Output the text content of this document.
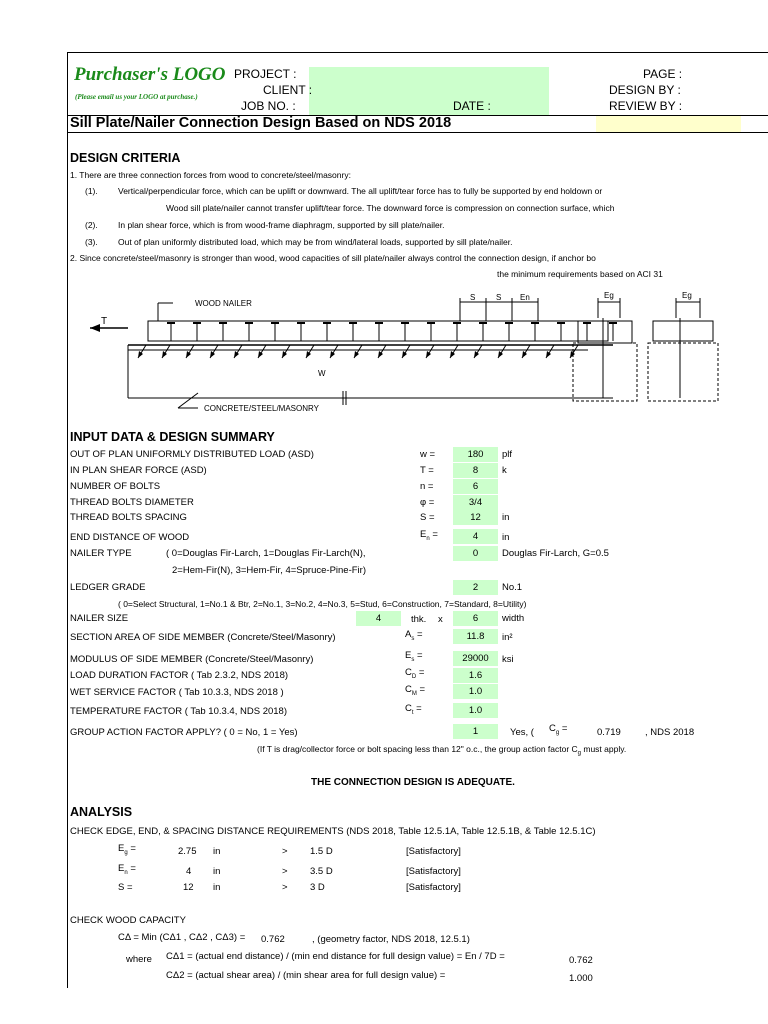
Purchaser's LOGO
(Please email us your LOGO at purchase.)
PROJECT :
CLIENT :
JOB NO. :	DATE :
PAGE :
DESIGN BY :
REVIEW BY :
Sill Plate/Nailer Connection Design Based on NDS 2018
DESIGN CRITERIA
1. There are three connection forces from wood to concrete/steel/masonry:
(1). Vertical/perpendicular force, which can be uplift or downward. The all uplift/tear force has to fully be supported by end holdown or
Wood sill plate/nailer cannot transfer uplift/tear force. The downward force is compression on connection surface, which
(2). In plan shear force, which is from wood-frame diaphragm, supported by sill plate/nailer.
(3). Out of plan uniformly distributed load, which may be from wind/lateral loads, supported by sill plate/nailer.
2. Since concrete/steel/masonry is stronger than wood, wood capacities of sill plate/nailer always control the connection design, if anchor bo
the minimum requirements based on ACI 31
T
WOOD NAILER
W
CONCRETE/STEEL/MASONRY
S	S En	Eg	Eg
INPUT DATA & DESIGN SUMMARY
OUT OF PLAN UNIFORMLY DISTRIBUTED LOAD (ASD)	w =	180	plf
IN PLAN SHEAR FORCE (ASD)	T =	8	k
NUMBER OF BOLTS	n =	6
THREAD BOLTS DIAMETER	φ =	3/4
THREAD BOLTS SPACING	S =	12	in
END DISTANCE OF WOOD	$E_n$ =	4	in
NAILER TYPE	( 0=Douglas Fir-Larch, 1=Douglas Fir-Larch(N),	0	Douglas Fir-Larch, G=0.5
2=Hem-Fir(N), 3=Hem-Fir, 4=Spruce-Pine-Fir)
LEDGER GRADE	2	No.1
( 0=Select Structural, 1=No.1 & Btr, 2=No.1, 3=No.2, 4=No.3, 5=Stud, 6=Construction, 7=Standard, 8=Utility)
NAILER SIZE	4	thk. x	6	width
SECTION AREA OF SIDE MEMBER (Concrete/Steel/Masonry)	$A_s$ =	11.8	in²
MODULUS OF SIDE MEMBER (Concrete/Steel/Masonry)	$E_s$ =	29000	ksi
LOAD DURATION FACTOR ( Tab 2.3.2, NDS 2018)	$C_D$ =	1.6
WET SERVICE FACTOR ( Tab 10.3.3, NDS 2018 )	$C_M$ =	1.0
TEMPERATURE FACTOR ( Tab 10.3.4, NDS 2018)	$C_t$ =	1.0
GROUP ACTION FACTOR APPLY? ( 0 = No, 1 = Yes)	1	Yes, ( $C_g$ =	0.719	, NDS 2018
(If T is drag/collector force or bolt spacing less than 12" o.c., the group action factor $C_g$ must apply.
THE CONNECTION DESIGN IS ADEQUATE.
ANALYSIS
CHECK EDGE, END, & SPACING DISTANCE REQUIREMENTS (NDS 2018, Table 12.5.1A, Table 12.5.1B, & Table 12.5.1C)
$E_g$ =	2.75 in	> 1.5 D	[Satisfactory]
$E_n$ =	4 in	> 3.5 D	[Satisfactory]
S =	12 in	> 3 D	[Satisfactory]
CHECK WOOD CAPACITY
CΔ = Min (CΔ1 , CΔ2 , CΔ3) = 0.762	, (geometry factor, NDS 2018, 12.5.1)
where CΔ1 = (actual end distance) / (min end distance for full design value) = En / 7D =	0.762
CΔ2 = (actual shear area) / (min shear area for full design value) =	1.000
